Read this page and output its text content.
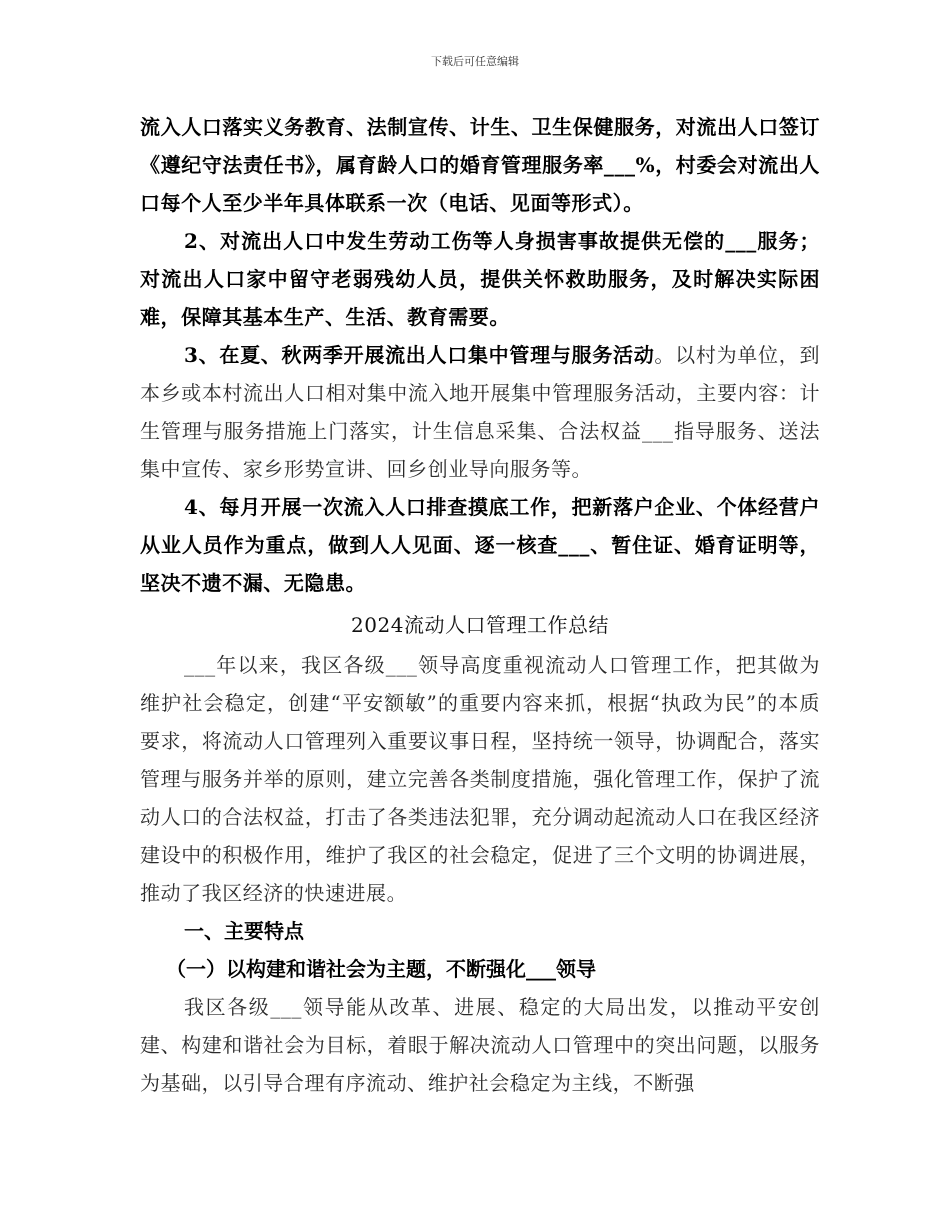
下载后可任意编辑

流入人口落实义务教育、法制宣传、计生、卫生保健服务，对流出人口签订《遵纪守法责任书》，属育龄人口的婚育管理服务率___%，村委会对流出人口每个人至少半年具体联系一次（电话、见面等形式）。

2、对流出人口中发生劳动工伤等人身损害事故提供无偿的___服务；对流出人口家中留守老弱残幼人员，提供关怀救助服务，及时解决实际困难，保障其基本生产、生活、教育需要。

3、在夏、秋两季开展流出人口集中管理与服务活动。以村为单位，到本乡或本村流出人口相对集中流入地开展集中管理服务活动，主要内容：计生管理与服务措施上门落实，计生信息采集、合法权益___指导服务、送法集中宣传、家乡形势宣讲、回乡创业导向服务等。

4、每月开展一次流入人口排查摸底工作，把新落户企业、个体经营户从业人员作为重点，做到人人见面、逐一核查___、暂住证、婚育证明等，坚决不遗不漏、无隐患。

2024流动人口管理工作总结

___年以来，我区各级___领导高度重视流动人口管理工作，把其做为维护社会稳定，创建“平安额敏”的重要内容来抓，根据“执政为民”的本质要求，将流动人口管理列入重要议事日程，坚持统一领导，协调配合，落实管理与服务并举的原则，建立完善各类制度措施，强化管理工作，保护了流动人口的合法权益，打击了各类违法犯罪，充分调动起流动人口在我区经济建设中的积极作用，维护了我区的社会稳定，促进了三个文明的协调进展，推动了我区经济的快速进展。

一、主要特点

（一）以构建和谐社会为主题，不断强化___领导

我区各级___领导能从改革、进展、稳定的大局出发，以推动平安创建、构建和谐社会为目标，着眼于解决流动人口管理中的突出问题，以服务为基础，以引导合理有序流动、维护社会稳定为主线，不断强
